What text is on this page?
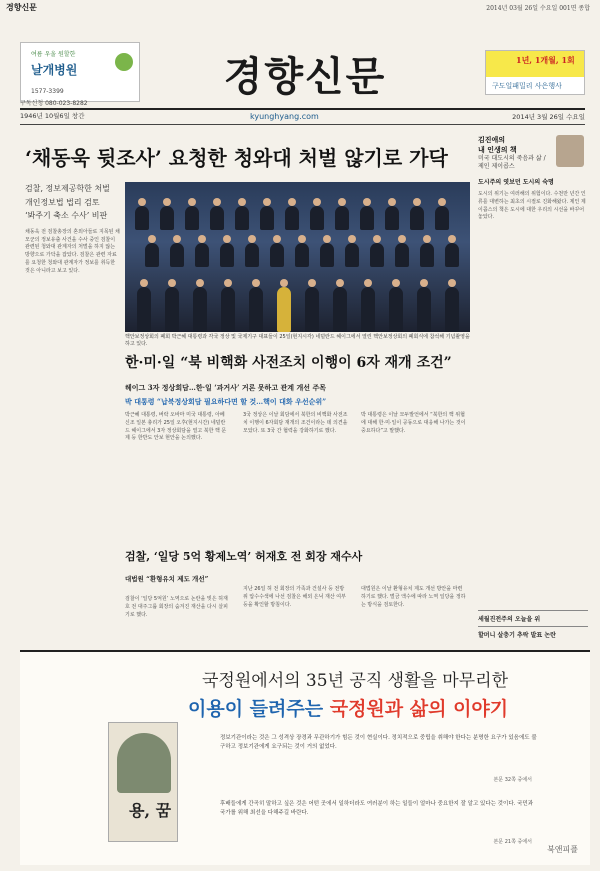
경향신문	2014년 03월 26일 수요일 001면 종합
여름 우울 원할한
날개병원
1577-3399	경향신문	1년, 1개월, 1회
구도일패밀리 사은행사
구독신청 080-023-8282
1946년 10월6일 창간	kyunghyang.com	2014년 3월 26일 수요일
‘채동욱 뒷조사’ 요청한 청와대 처벌 않기로 가닥
검찰, 정보제공학한 처벌
개인정보법 법리 검토
‘봐주기 축소 수사’ 비판
채동욱 전 검찰총장의 혼외아들로 지목된 채모군의 정보유출 사건을 수사 중인 검찰이 관련된 청와대 관계자의 처벌을 하지 않는 방향으로 가닥을 잡았다. 검찰은 관련 자료를 요청한 청와대 관계자가 정보를 취득한 것은 아니라고 보고 있다.
핵안보정상회의 폐회 박근혜 대통령과 각국 정상 및 국제기구 대표들이 25일(현지시각) 네덜란드 헤이그에서 열린 핵안보정상회의 폐회식에 참석해 기념촬영을 하고 있다.
한·미·일 “북 비핵화 사전조치 이행이 6자 재개 조건”
헤이그 3자 정상회담…한·일 ‘과거사’ 거론 못하고 관계 개선 주목
박 대통령 “납북정상회담 필요하다면 할 것…핵이 대화 우선순위”
박근혜 대통령, 버락 오바마 미국 대통령, 아베 신조 일본 총리가 25일 오후(현지시간) 네덜란드 헤이그에서 3자 정상회담을 열고 북한 핵 문제 등 한반도 안보 현안을 논의했다.
3국 정상은 이날 회담에서 북한의 비핵화 사전조치 이행이 6자회담 재개의 조건이라는 데 의견을 모았다. 또 3국 간 협력을 강화하기로 했다.
박 대통령은 이날 모두발언에서 “북한의 핵 위협에 대해 한·미·일이 공동으로 대응해 나가는 것이 중요하다”고 말했다.
검찰, ‘일당 5억 황제노역’ 허재호 전 회장 재수사
대법원 “환형유치 제도 개선”
검찰이 ‘일당 5억원’ 노역으로 논란을 빚은 허재호 전 대주그룹 회장의 숨겨진 재산을 다시 살피기로 했다.
지난 26일 허 전 회장의 가족과 건설사 등 전방위 압수수색에 나선 검찰은 해외 은닉 재산 여부 등을 확인할 방침이다.
대법원은 이날 환형유치 제도 개선 방안을 마련하기로 했다. 벌금 액수에 따라 노역 일당을 정하는 방식을 검토한다.
김진애의
내 인생의 책
미국 대도시의 죽음과 삶 / 제인 제이콥스
도시주의 엿보던 도시의 숙명
도시의 위기는 여러해의 위험이다. 수천만 년간 인류를 대변하는 최초의 시절로 진화해왔다. 제인 제이콥스의 책은 도시에 대한 우리의 시선을 바꾸어 놓았다.
세월진전주의 오늘을 위
할머니 살충기 추락 발표 논란
국정원에서의 35년 공직 생활을 마무리한
이용이 들려주는 국정원과 삶의 이야기
용, 꿈
정보기관이라는 것은 그 성격상 장경과 무관하기가 힘든 것이 현실이다. 정치적으로 중립을 취해야 한다는 분명한 요구가 있음에도 불구하고 정보기관에게 요구되는 것이 거의 없었다.
본문 32쪽 중에서
후배들에게 간곡히 말하고 싶은 것은 어떤 곳에서 일하더라도 여러분이 하는 일들이 얼마나 중요한지 잘 알고 있다는 것이다. 국민과 국가를 위해 최선을 다해주길 바란다.
본문 21쪽 중에서
북앤피플
